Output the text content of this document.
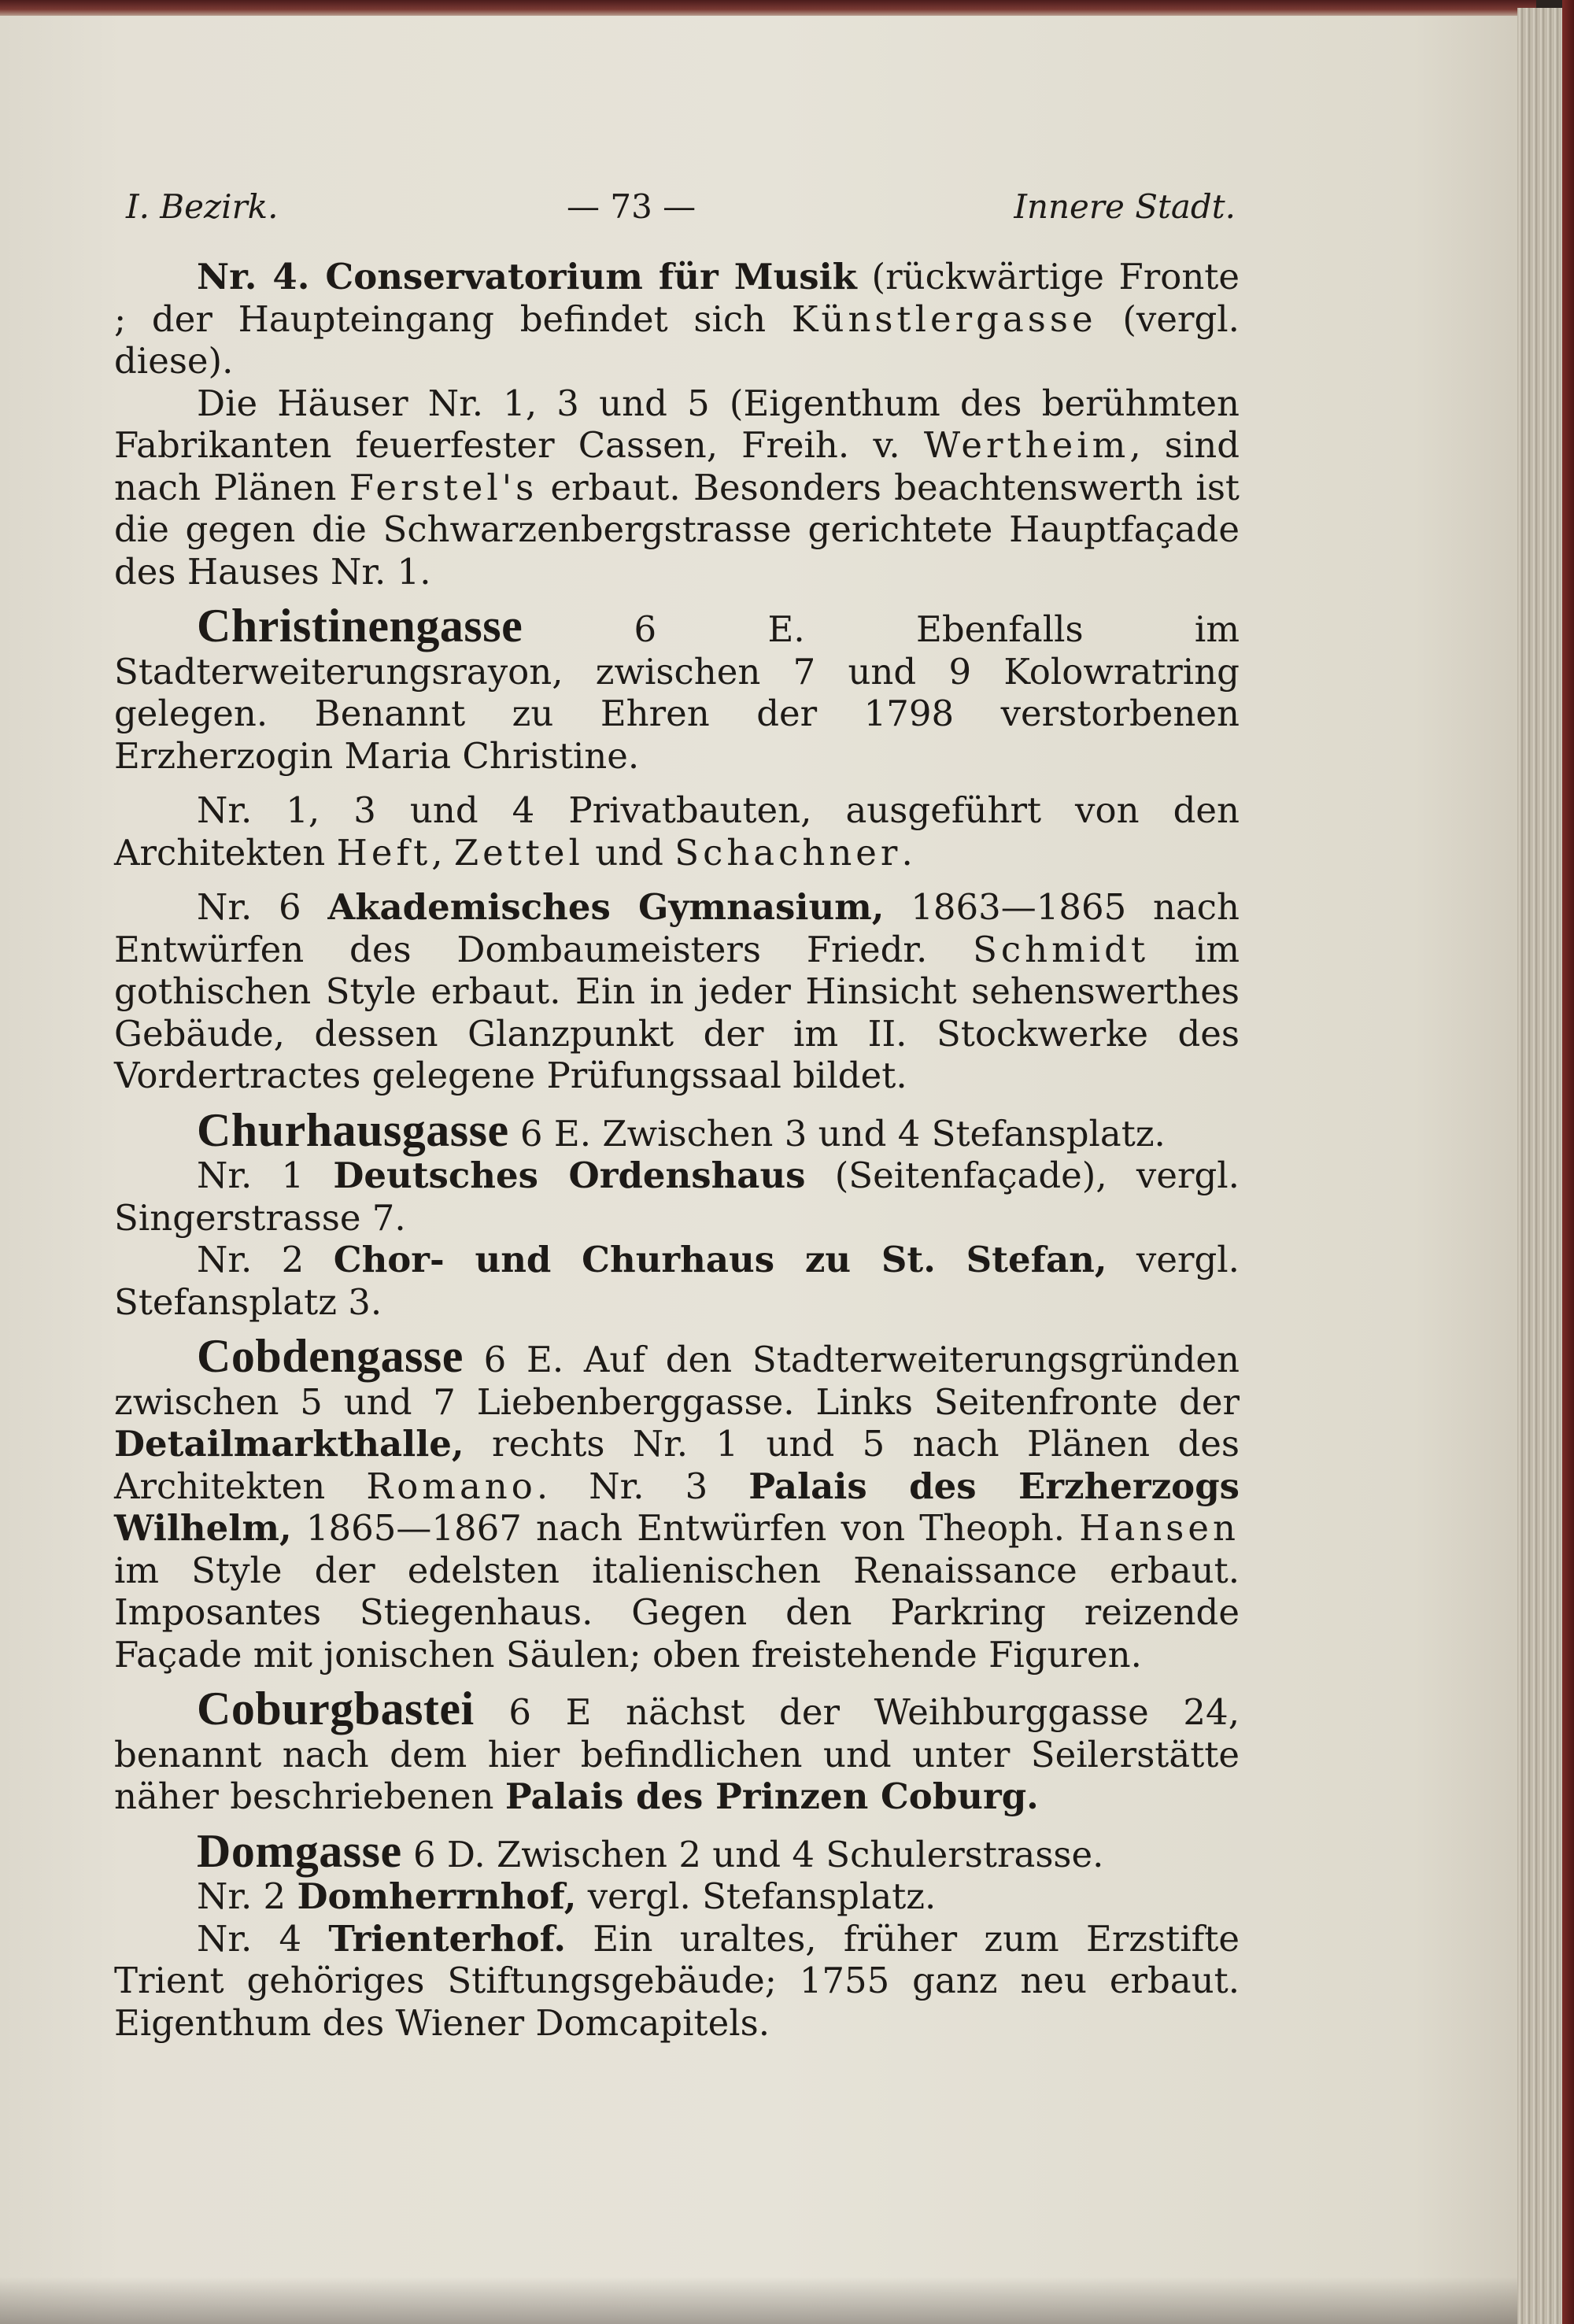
I. Bezirk.	— 73 —	Innere Stadt.

Nr. 4. Conservatorium für Musik (rückwärtige Fronte ; der Haupteingang befindet sich Künstlergasse (vergl. diese).

Die Häuser Nr. 1, 3 und 5 (Eigenthum des berühmten Fabrikanten feuerfester Cassen, Freih. v. Wertheim, sind nach Plänen Ferstel's erbaut. Besonders beachtenswerth ist die gegen die Schwarzenbergstrasse gerichtete Hauptfaçade des Hauses Nr. 1.

Christinengasse 6 E. Ebenfalls im Stadterweiterungsrayon, zwischen 7 und 9 Kolowratring gelegen. Benannt zu Ehren der 1798 verstorbenen Erzherzogin Maria Christine.

Nr. 1, 3 und 4 Privatbauten, ausgeführt von den Architekten Heft, Zettel und Schachner.

Nr. 6 Akademisches Gymnasium, 1863—1865 nach Entwürfen des Dombaumeisters Friedr. Schmidt im gothischen Style erbaut. Ein in jeder Hinsicht sehenswerthes Gebäude, dessen Glanzpunkt der im II. Stockwerke des Vordertractes gelegene Prüfungssaal bildet.

Churhausgasse 6 E. Zwischen 3 und 4 Stefansplatz.

Nr. 1 Deutsches Ordenshaus (Seitenfaçade), vergl. Singerstrasse 7.

Nr. 2 Chor- und Churhaus zu St. Stefan, vergl. Stefansplatz 3.

Cobdengasse 6 E. Auf den Stadterweiterungsgründen zwischen 5 und 7 Liebenberggasse. Links Seitenfronte der Detailmarkthalle, rechts Nr. 1 und 5 nach Plänen des Architekten Romano. Nr. 3 Palais des Erzherzogs Wilhelm, 1865—1867 nach Entwürfen von Theoph. Hansen im Style der edelsten italienischen Renaissance erbaut. Imposantes Stiegenhaus. Gegen den Parkring reizende Façade mit jonischen Säulen; oben freistehende Figuren.

Coburgbastei 6 E nächst der Weihburggasse 24, benannt nach dem hier befindlichen und unter Seilerstätte näher beschriebenen Palais des Prinzen Coburg.

Domgasse 6 D. Zwischen 2 und 4 Schulerstrasse.

Nr. 2 Domherrnhof, vergl. Stefansplatz.

Nr. 4 Trienterhof. Ein uraltes, früher zum Erzstifte Trient gehöriges Stiftungsgebäude; 1755 ganz neu erbaut. Eigenthum des Wiener Domcapitels.
